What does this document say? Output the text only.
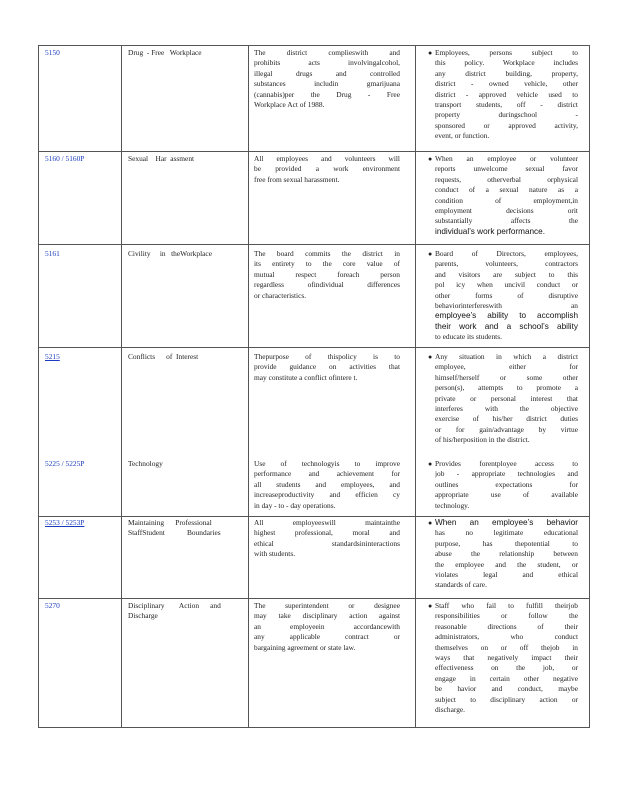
5150	Drug  - Free   Workplace	The district complieswith and
prohibits acts involvingalcohol,
illegal drugs and controlled
substances includin gmarijuana
(cannabis)per the Drug - Free
Workplace Act of 1988.
● Employees, persons subject to
this policy. Workplace includes
any district building, property,
district - owned vehicle, other
district - approved vehicle used to
transport students, off - district
property duringschool -
sponsored or approved activity,
event, or function.
5160 / 5160P	Sexual    Har  assment	All employees and volunteers will
be provided a work environment
free from sexual harassment.
● When an employee or volunteer
reports unwelcome sexual favor
requests, otherverbal orphysical
conduct of a sexual nature as a
condition of employment,in
employment decisions orit
substantially affects the
individual’s work performance.
5161	Civility     in   theWorkplace	The board commits the district in
its entirety to the core value of
mutual respect foreach person
regardless ofindividual differences
or characteristics.
● Board of Directors, employees,
parents, volunteers, contractors
and visitors are subject to this
pol icy when uncivil conduct or
other forms of disruptive
behaviorinterfereswith an
employee’s ability to accomplish
their work and a school’s ability
to educate its students.
5215	Conflicts      of  Interest	Thepurpose of thispolicy is to
provide guidance on activities that
may constitute a conflict ofintere t.
● Any situation in which a district
employee, either for
himself/herself or some other
person(s), attempts to promote a
private or personal interest that
interferes with the objective
exercise of his/her district duties
or for gain/advantage by virtue
of his/herposition in the district.
5225 / 5225P	Technology	Use of technologyis to improve
performance and achievement for
all students and employees, and
increaseproductivity and efficien cy
in day - to - day operations.
● Provides forentployee access to
job - appropriate technologies and
outlines expectations for
appropriate use of available
technology.
5253 / 5253P	Maintaining      Professional
StaffStudent            Boundaries
All employeeswill maintainthe
highest professional, moral and
ethical standardsininteractions
with students.
● When an employee’s behavior
has no legitimate educational
purpose, has thepotential to
abuse the relationship between
the employee and the student, or
violates legal and ethical
standards of care.
5270	Disciplinary        Action      and
Discharge
The superintendent or designee
may take disciplinary action against
an employeein accordancewith
any applicable contract or
bargaining agreement or state law.
● Staff who fail to fulfill theirjob
responsibilities or follow the
reasonable directions of their
administrators, who conduct
themselves on or off thejob in
ways that negatively impact their
effectiveness on the job, or
engage in certain other negative
be havior and conduct, maybe
subject to disciplinary action or
discharge.
